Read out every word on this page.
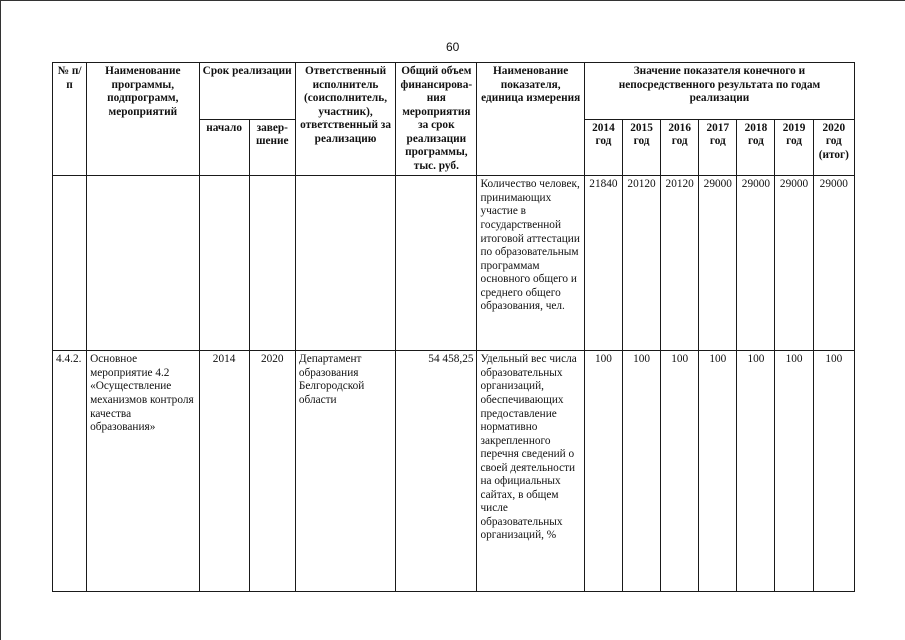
60
№ п/п	Наименование программы, подпрограмм, мероприятий	Срок реализации		Ответственный исполнитель (соисполнитель, участник), ответственный за реализацию	Общий объем финансирова-ния мероприятия за срок реализации программы, тыс. руб.	Наименование показателя, единица измерения	Значение показателя конечного и непосредственного результата по годам реализации						
		начало	завер-шение				2014 год	2015 год	2016 год	2017 год	2018 год	2019 год	2020 год (итог)
						Количество человек, принимающих участие в государственной итоговой аттестации по образовательным программам основного общего и среднего общего образования, чел.	21840	20120	20120	29000	29000	29000	29000
4.4.2.	Основное мероприятие 4.2 «Осуществление механизмов контроля качества образования»	2014	2020	Департамент образования Белгородской области	54 458,25	Удельный вес числа образовательных организаций, обеспечивающих предоставление нормативно закрепленного перечня сведений о своей деятельности на официальных сайтах, в общем числе образовательных организаций, %	100	100	100	100	100	100	100
